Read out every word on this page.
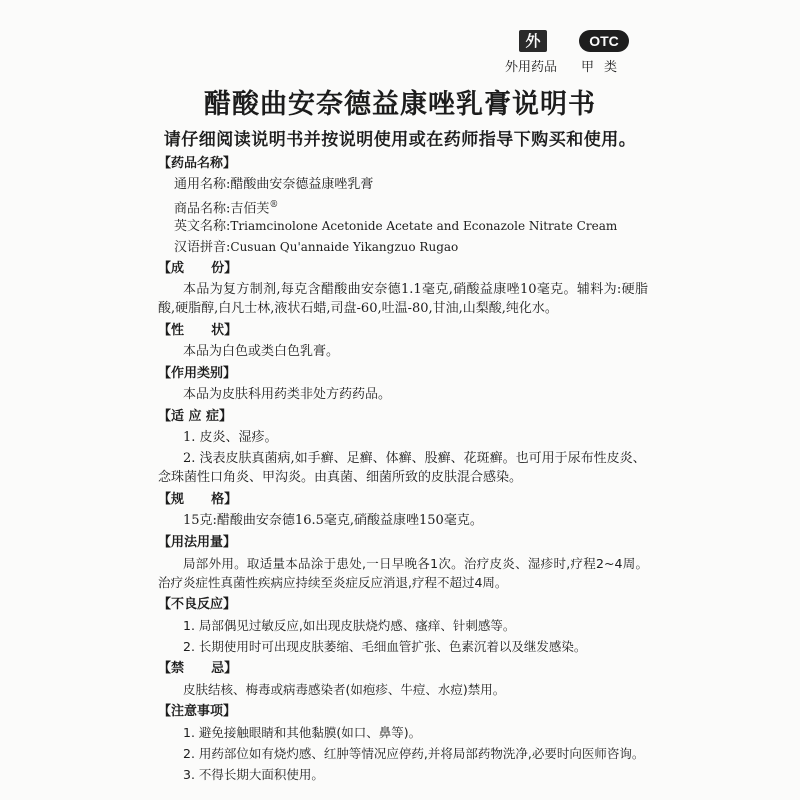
外	OTC
外用药品 甲类
醋酸曲安奈德益康唑乳膏说明书
请仔细阅读说明书并按说明使用或在药师指导下购买和使用。
【药品名称】
通用名称:醋酸曲安奈德益康唑乳膏
商品名称:吉佰芙®
英文名称:Triamcinolone Acetonide Acetate and Econazole Nitrate Cream
汉语拼音:Cusuan Qu'annaide Yikangzuo Rugao
【成      份】
本品为复方制剂,每克含醋酸曲安奈德1.1毫克,硝酸益康唑10毫克。辅料为:硬脂酸,硬脂醇,白凡士林,液状石蜡,司盘-60,吐温-80,甘油,山梨酸,纯化水。
【性      状】
本品为白色或类白色乳膏。
【作用类别】
本品为皮肤科用药类非处方药药品。
【适 应 症】
1. 皮炎、湿疹。
2. 浅表皮肤真菌病,如手癣、足癣、体癣、股癣、花斑癣。也可用于尿布性皮炎、念珠菌性口角炎、甲沟炎。由真菌、细菌所致的皮肤混合感染。
【规      格】
15克:醋酸曲安奈德16.5毫克,硝酸益康唑150毫克。
【用法用量】
局部外用。取适量本品涂于患处,一日早晚各1次。治疗皮炎、湿疹时,疗程2~4周。治疗炎症性真菌性疾病应持续至炎症反应消退,疗程不超过4周。
【不良反应】
1. 局部偶见过敏反应,如出现皮肤烧灼感、瘙痒、针刺感等。
2. 长期使用时可出现皮肤萎缩、毛细血管扩张、色素沉着以及继发感染。
【禁      忌】
皮肤结核、梅毒或病毒感染者(如疱疹、牛痘、水痘)禁用。
【注意事项】
1. 避免接触眼睛和其他黏膜(如口、鼻等)。
2. 用药部位如有烧灼感、红肿等情况应停药,并将局部药物洗净,必要时向医师咨询。
3. 不得长期大面积使用。
